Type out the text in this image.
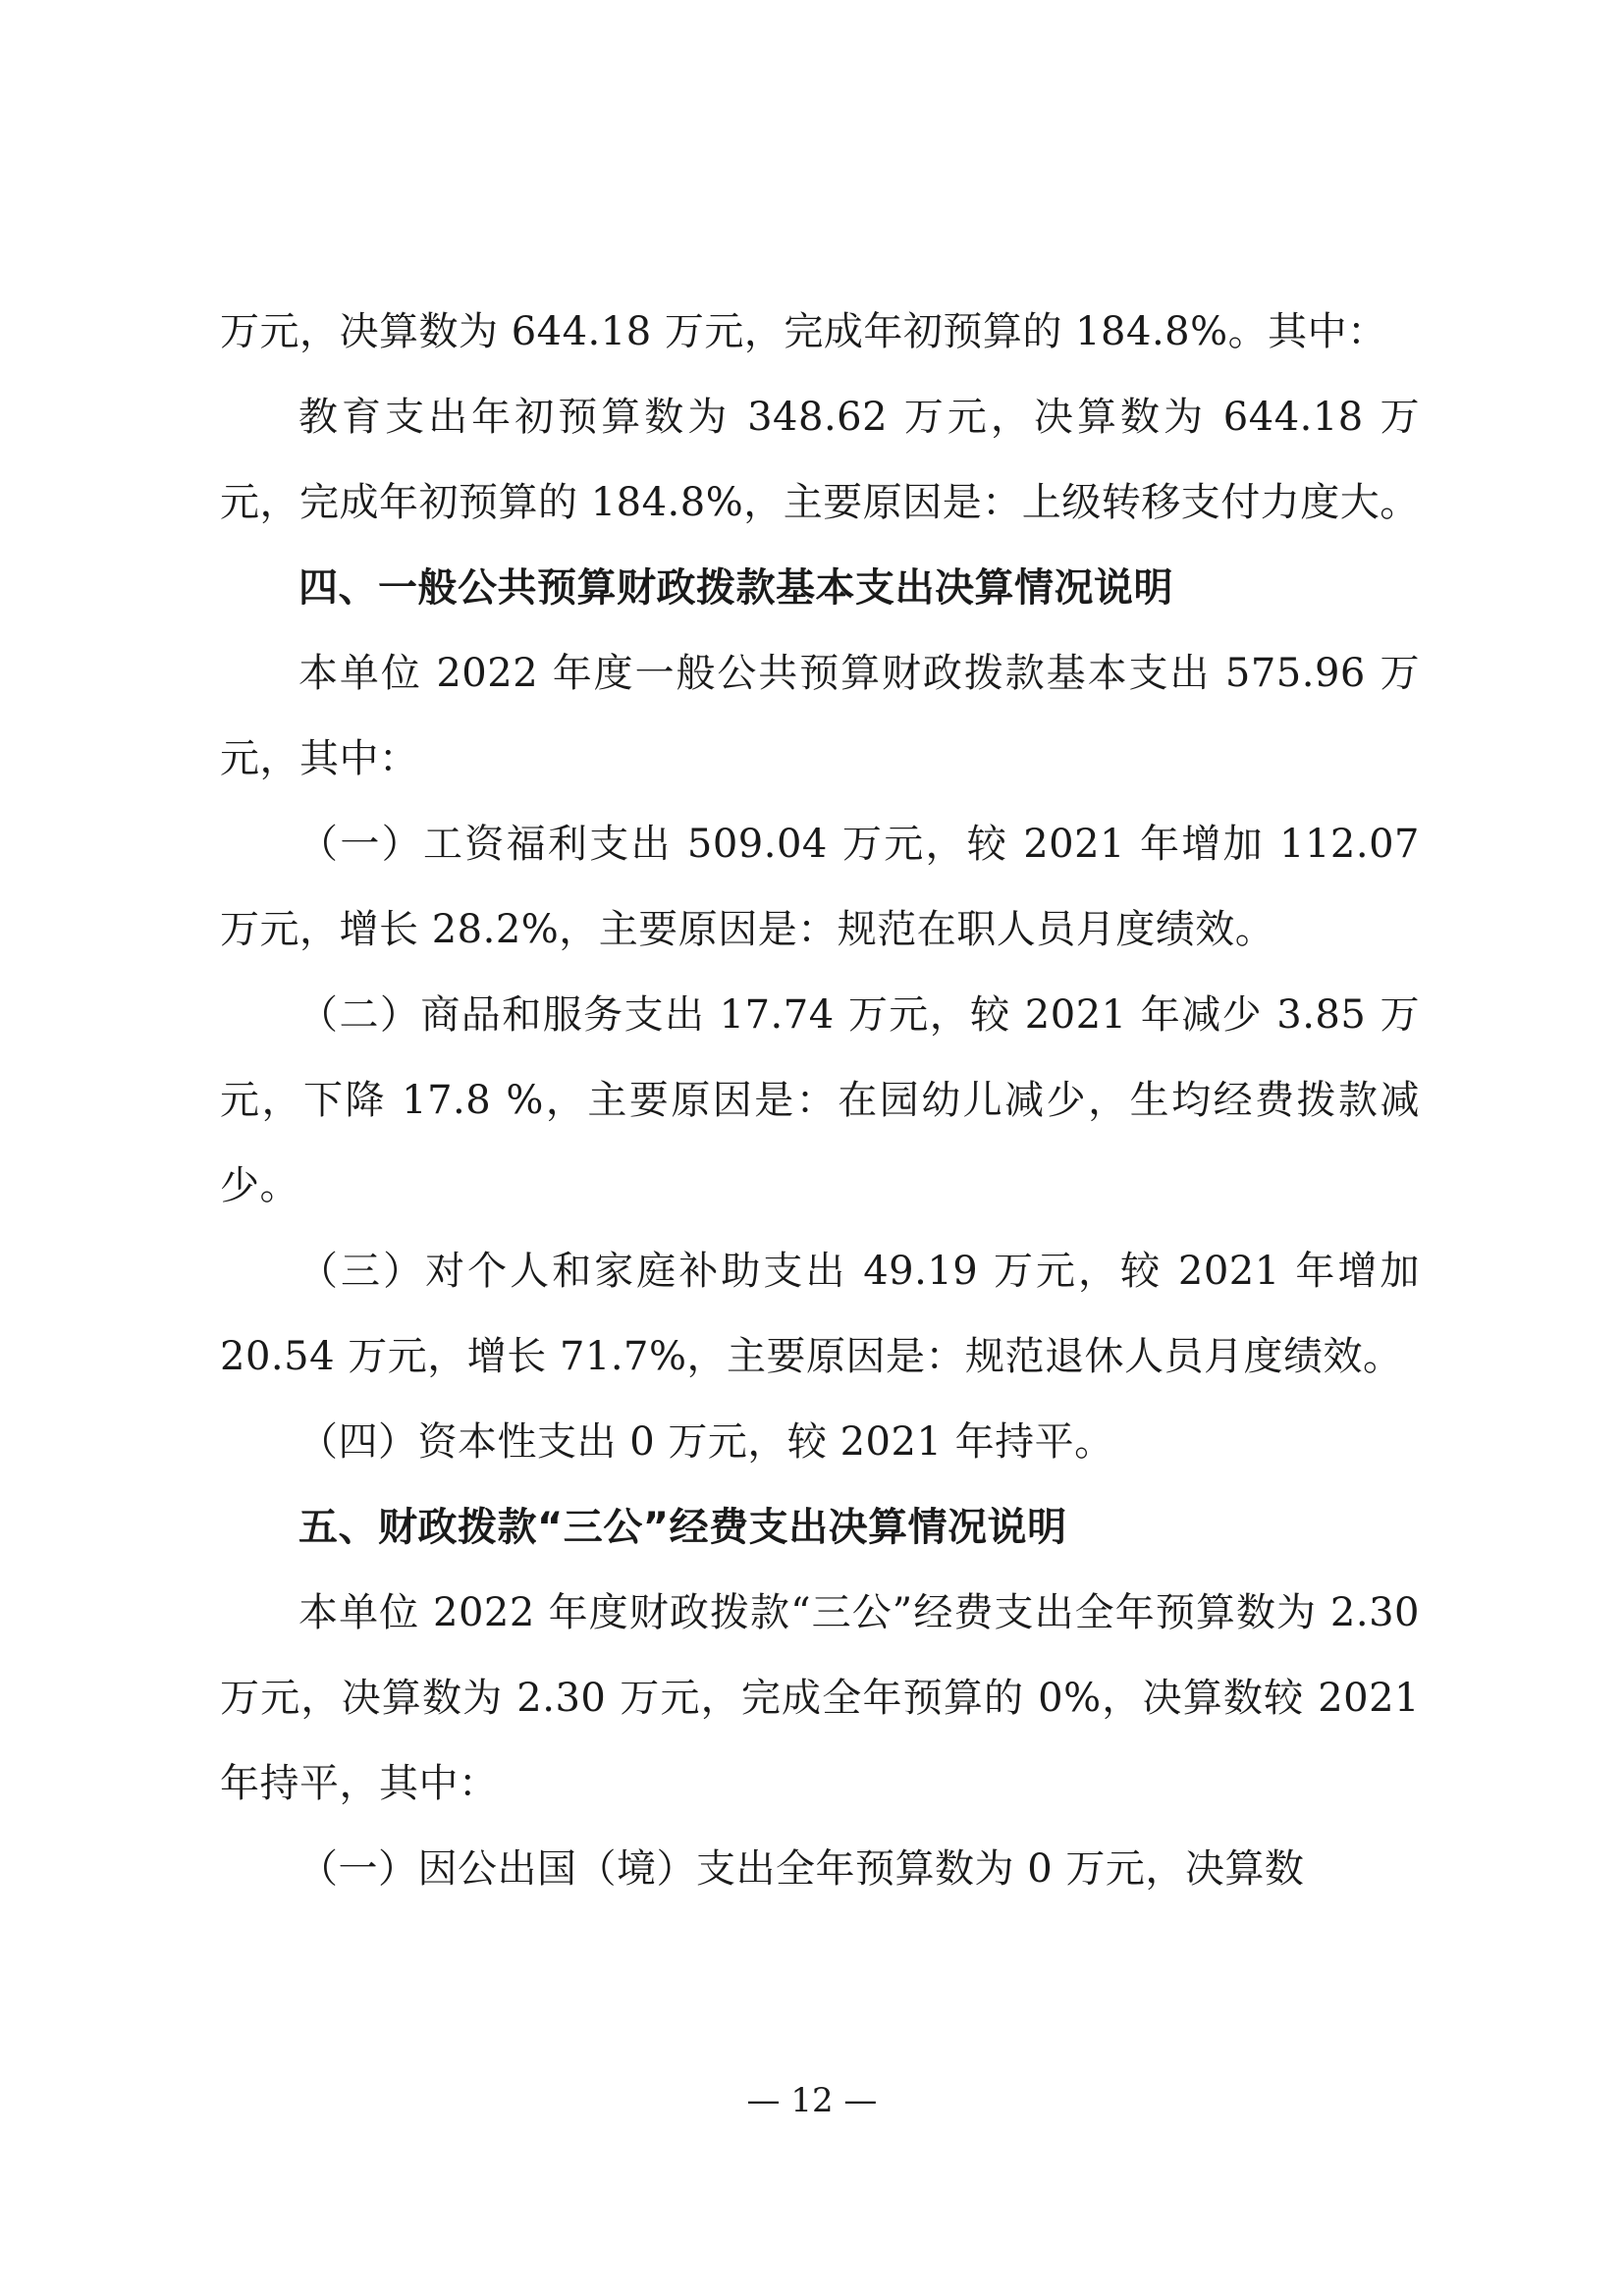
万元，决算数为 644.18 万元，完成年初预算的 184.8%。其中：

教育支出年初预算数为 348.62 万元，决算数为 644.18 万元，完成年初预算的 184.8%，主要原因是：上级转移支付力度大。

四、一般公共预算财政拨款基本支出决算情况说明

本单位 2022 年度一般公共预算财政拨款基本支出 575.96 万元，其中：

（一）工资福利支出 509.04 万元，较 2021 年增加 112.07 万元，增长 28.2%，主要原因是：规范在职人员月度绩效。

（二）商品和服务支出 17.74 万元，较 2021 年减少 3.85 万元，下降 17.8 %，主要原因是：在园幼儿减少，生均经费拨款减少。

（三）对个人和家庭补助支出 49.19 万元，较 2021 年增加 20.54 万元，增长 71.7%，主要原因是：规范退休人员月度绩效。

（四）资本性支出 0 万元，较 2021 年持平。

五、财政拨款“三公”经费支出决算情况说明

本单位 2022 年度财政拨款“三公”经费支出全年预算数为 2.30 万元，决算数为 2.30 万元，完成全年预算的 0%，决算数较 2021 年持平，其中：

（一）因公出国（境）支出全年预算数为 0 万元，决算数

— 12 —
